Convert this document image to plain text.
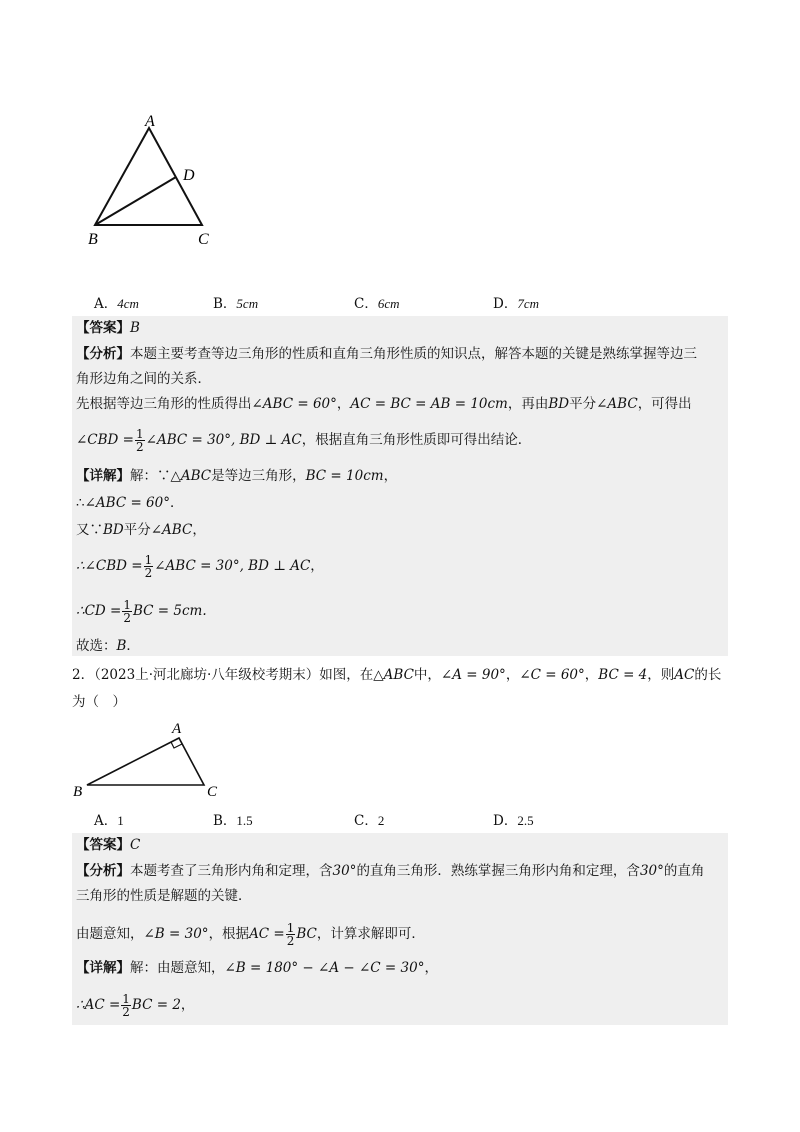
A
D
B	C
A．4cm	B．5cm	C．6cm	D．7cm
【答案】B
【分析】本题主要考查等边三角形的性质和直角三角形性质的知识点，解答本题的关键是熟练掌握等边三
角形边角之间的关系．
先根据等边三角形的性质得出∠ABC = 60°，AC = BC = AB = 10cm，再由BD平分∠ABC，可得出
∠CBD = $\frac{1}{2}$ ∠ABC = 30°, BD ⊥ AC，根据直角三角形性质即可得出结论．
【详解】解：∵△ABC是等边三角形，BC = 10cm，
∴∠ABC = 60°．
又∵BD平分∠ABC，
∴∠CBD = $\frac{1}{2}$ ∠ABC = 30°, BD ⊥ AC，
∴CD = $\frac{1}{2}$ BC = 5cm.
故选：B．
2．（2023上·河北廊坊·八年级校考期末）如图，在△ABC中，∠A = 90°，∠C = 60°，BC = 4，则AC的长
为（　）
A
B	C
A．1	B．1.5	C．2	D．2.5
【答案】C
【分析】本题考查了三角形内角和定理，含30°的直角三角形．熟练掌握三角形内角和定理，含30°的直角
三角形的性质是解题的关键．
由题意知，∠B = 30°，根据AC = $\frac{1}{2}$ BC，计算求解即可．
【详解】解：由题意知，∠B = 180° − ∠A − ∠C = 30°，
∴AC = $\frac{1}{2}$ BC = 2，
